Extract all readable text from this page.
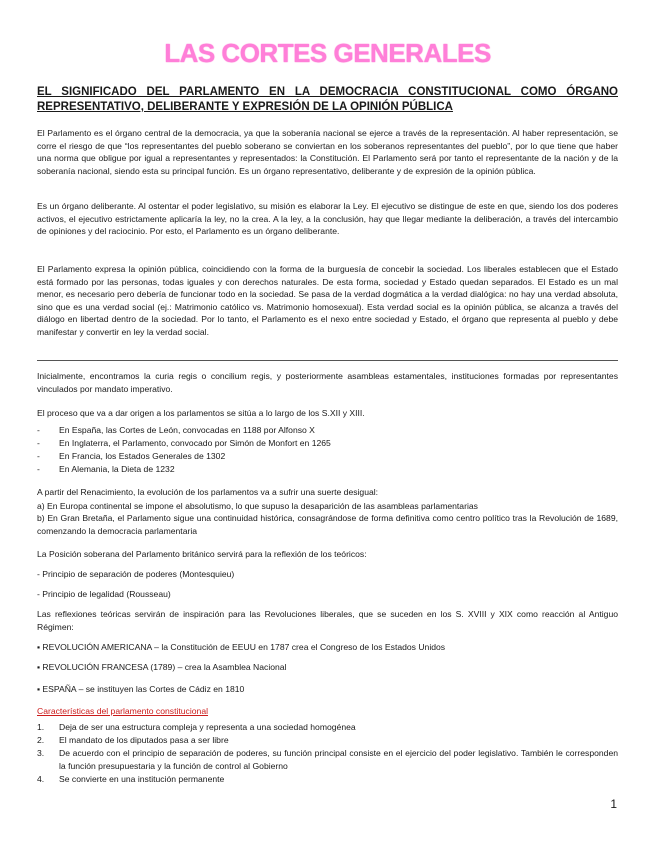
LAS CORTES GENERALES
EL SIGNIFICADO DEL PARLAMENTO EN LA DEMOCRACIA CONSTITUCIONAL COMO ÓRGANO REPRESENTATIVO, DELIBERANTE Y EXPRESIÓN DE LA OPINIÓN PÚBLICA

El Parlamento es el órgano central de la democracia, ya que la soberanía nacional se ejerce a través de la representación. Al haber representación, se corre el riesgo de que “los representantes del pueblo soberano se conviertan en los soberanos representantes del pueblo”, por lo que tiene que haber una norma que obligue por igual a representantes y representados: la Constitución. El Parlamento será por tanto el representante de la nación y de la soberanía nacional, siendo esta su principal función. Es un órgano representativo, deliberante y de expresión de la opinión pública.

Es un órgano deliberante. Al ostentar el poder legislativo, su misión es elaborar la Ley. El ejecutivo se distingue de este en que, siendo los dos poderes activos, el ejecutivo estrictamente aplicaría la ley, no la crea. A la ley, a la conclusión, hay que llegar mediante la deliberación, a través del intercambio de opiniones y del raciocinio. Por esto, el Parlamento es un órgano deliberante.

El Parlamento expresa la opinión pública, coincidiendo con la forma de la burguesía de concebir la sociedad. Los liberales establecen que el Estado está formado por las personas, todas iguales y con derechos naturales. De esta forma, sociedad y Estado quedan separados. El Estado es un mal menor, es necesario pero debería de funcionar todo en la sociedad. Se pasa de la verdad dogmática a la verdad dialógica: no hay una verdad absoluta, sino que es una verdad social (ej.: Matrimonio católico vs. Matrimonio homosexual). Esta verdad social es la opinión pública, se alcanza a través del diálogo en libertad dentro de la sociedad. Por lo tanto, el Parlamento es el nexo entre sociedad y Estado, el órgano que representa al pueblo y debe manifestar y convertir en ley la verdad social.

Inicialmente, encontramos la curia regis o concilium regis, y posteriormente asambleas estamentales, instituciones formadas por representantes vinculados por mandato imperativo.

El proceso que va a dar origen a los parlamentos se sitúa a lo largo de los S.XII y XIII.

- En España, las Cortes de León, convocadas en 1188 por Alfonso X
- En Inglaterra, el Parlamento, convocado por Simón de Monfort en 1265
- En Francia, los Estados Generales de 1302
- En Alemania, la Dieta de 1232

A partir del Renacimiento, la evolución de los parlamentos va a sufrir una suerte desigual:

a) En Europa continental se impone el absolutismo, lo que supuso la desaparición de las asambleas parlamentarias

b) En Gran Bretaña, el Parlamento sigue una continuidad histórica, consagrándose de forma definitiva como centro político tras la Revolución de 1689, comenzando la democracia parlamentaria

La Posición soberana del Parlamento británico servirá para la reflexión de los teóricos:

- Principio de separación de poderes (Montesquieu)

- Principio de legalidad (Rousseau)

Las reflexiones teóricas servirán de inspiración para las Revoluciones liberales, que se suceden en los S. XVIII y XIX como reacción al Antiguo Régimen:

▪ REVOLUCIÓN AMERICANA – la Constitución de EEUU en 1787 crea el Congreso de los Estados Unidos

▪ REVOLUCIÓN FRANCESA (1789) – crea la Asamblea Nacional

▪ ESPAÑA – se instituyen las Cortes de Cádiz en 1810

Características del parlamento constitucional
1. Deja de ser una estructura compleja y representa a una sociedad homogénea
2. El mandato de los diputados pasa a ser libre
3. De acuerdo con el principio de separación de poderes, su función principal consiste en el ejercicio del poder legislativo. También le corresponden la función presupuestaria y la función de control al Gobierno
4. Se convierte en una institución permanente
1
